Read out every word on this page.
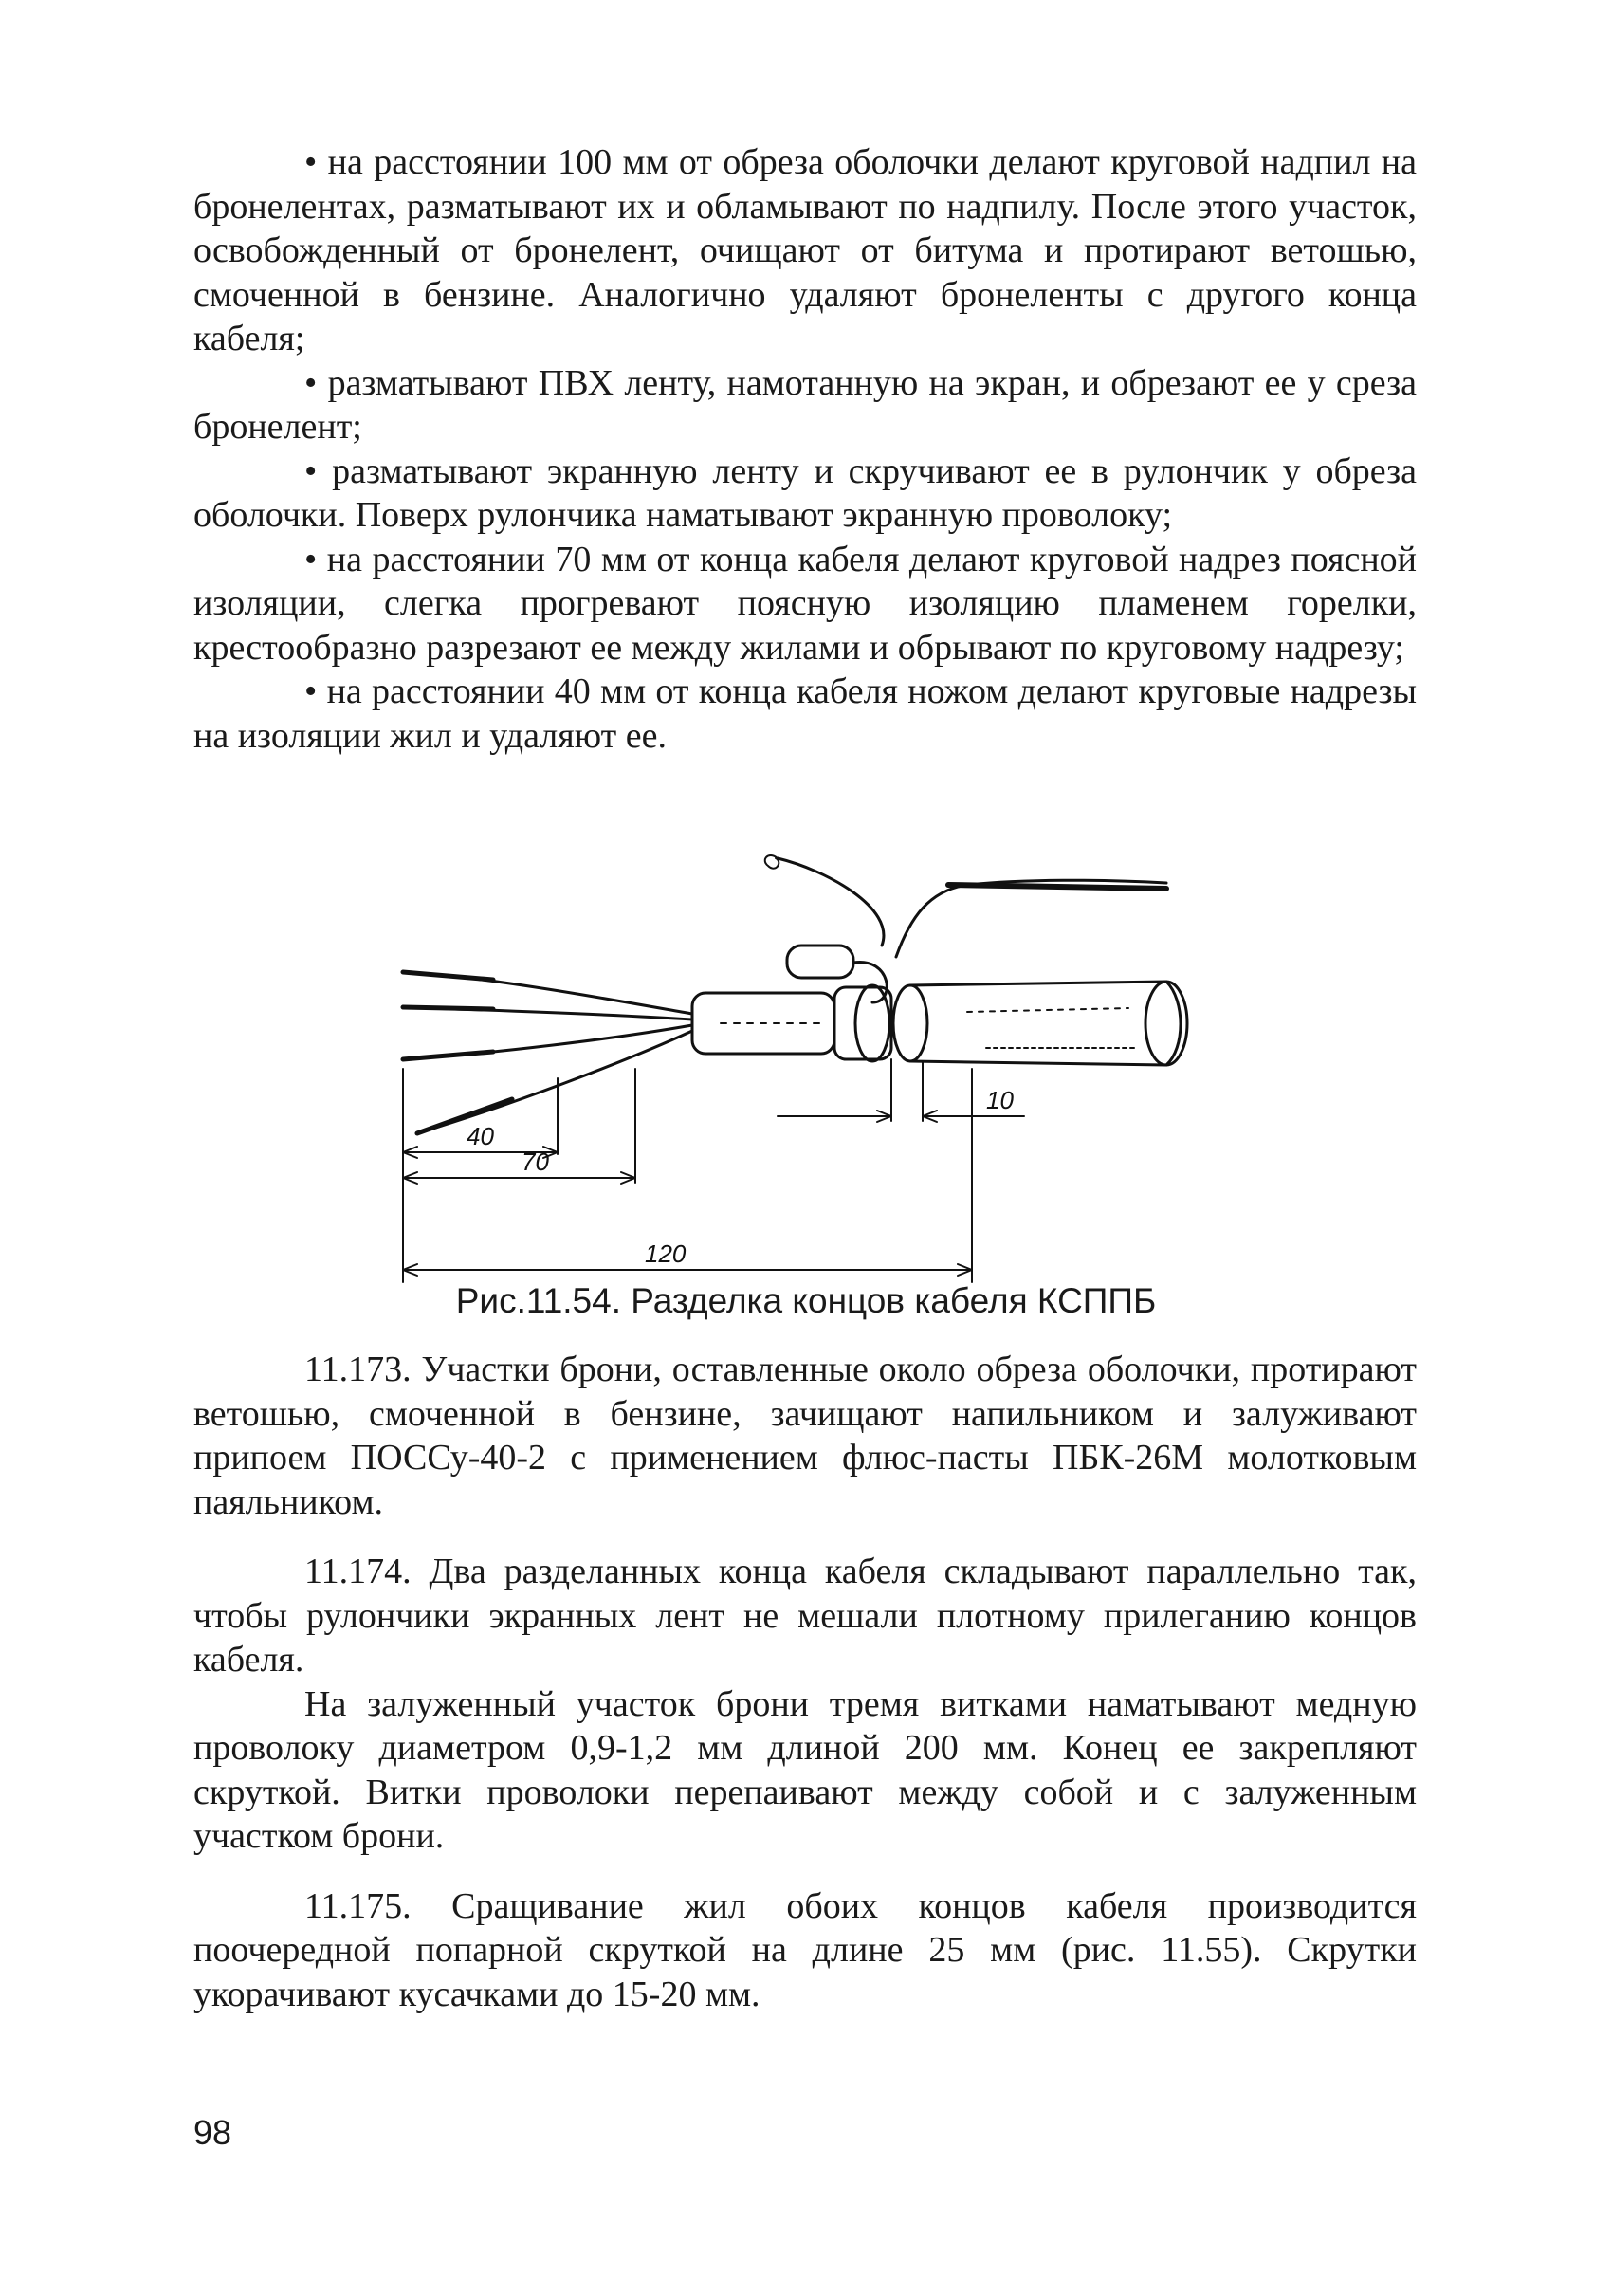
• на расстоянии 100 мм от обреза оболочки делают круговой надпил на бронелентах, разматывают их и обламывают по надпилу. После этого участок, освобожденный от бронелент, очищают от битума и протирают ветошью, смоченной в бензине. Аналогично удаляют бронеленты с другого конца кабеля;

• разматывают ПВХ ленту, намотанную на экран, и обрезают ее у среза бронелент;

• разматывают экранную ленту и скручивают ее в рулончик у обреза оболочки. Поверх рулончика наматывают экранную проволоку;

• на расстоянии 70 мм от конца кабеля делают круговой надрез поясной изоляции, слегка прогревают поясную изоляцию пламенем горелки, крестообразно разрезают ее между жилами и обрывают по круговому надрезу;

• на расстоянии 40 мм от конца кабеля ножом делают круговые надрезы на изоляции жил и удаляют ее.

10
40
70
120
Рис.11.54. Разделка концов кабеля КСППБ

11.173. Участки брони, оставленные около обреза оболочки, протирают ветошью, смоченной в бензине, зачищают напильником и залуживают припоем ПОССу-40-2 с применением флюс-пасты ПБК-26М молотковым паяльником.

11.174. Два разделанных конца кабеля складывают параллельно так, чтобы рулончики экранных лент не мешали плотному прилеганию концов кабеля.

На залуженный участок брони тремя витками наматывают медную проволоку диаметром 0,9-1,2 мм длиной 200 мм. Конец ее закрепляют скруткой. Витки проволоки перепаивают между собой и с залуженным участком брони.

11.175. Сращивание жил обоих концов кабеля производится поочередной попарной скруткой на длине 25 мм (рис. 11.55). Скрутки укорачивают кусачками до 15-20 мм.

98
